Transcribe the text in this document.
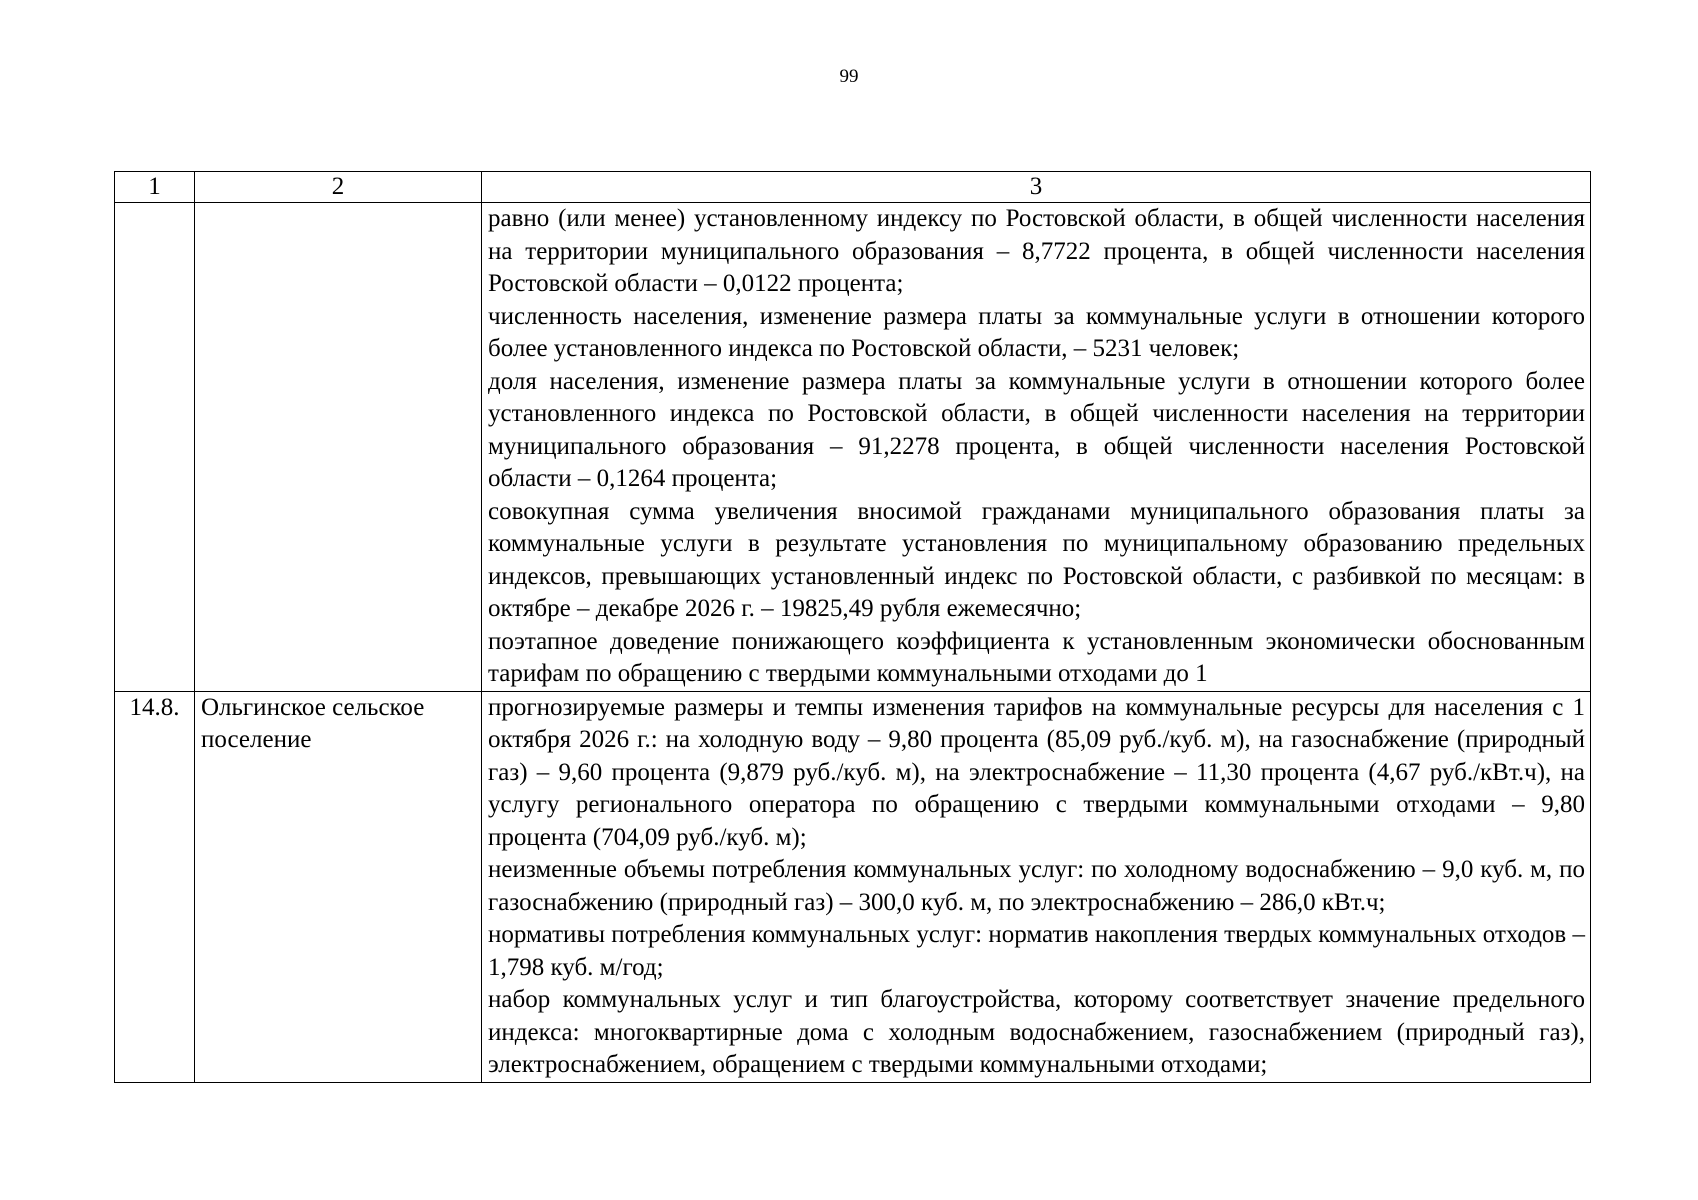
99
1	2	3

		равно (или менее) установленному индексу по Ростовской области, в общей численности населения на территории муниципального образования – 8,7722 процента, в общей численности населения Ростовской области – 0,0122 процента;

численность населения, изменение размера платы за коммунальные услуги в отношении которого более установленного индекса по Ростовской области, – 5231 человек;

доля населения, изменение размера платы за коммунальные услуги в отношении которого более установленного индекса по Ростовской области, в общей численности населения на территории муниципального образования – 91,2278 процента, в общей численности населения Ростовской области – 0,1264 процента;

совокупная сумма увеличения вносимой гражданами муниципального образования платы за коммунальные услуги в результате установления по муниципальному образованию предельных индексов, превышающих установленный индекс по Ростовской области, с разбивкой по месяцам: в октябре – декабре 2026 г. – 19825,49 рубля ежемесячно;

поэтапное доведение понижающего коэффициента к установленным экономически обоснованным тарифам по обращению с твердыми коммунальными отходами до 1

14.8.	Ольгинское сельское поселение	прогнозируемые размеры и темпы изменения тарифов на коммунальные ресурсы для населения с 1 октября 2026 г.: на холодную воду – 9,80 процента (85,09 руб./куб. м), на газоснабжение (природный газ) – 9,60 процента (9,879 руб./куб. м), на электроснабжение – 11,30 процента (4,67 руб./кВт.ч), на услугу регионального оператора по обращению с твердыми коммунальными отходами – 9,80 процента (704,09 руб./куб. м);

неизменные объемы потребления коммунальных услуг: по холодному водоснабжению – 9,0 куб. м, по газоснабжению (природный газ) – 300,0 куб. м, по электроснабжению – 286,0 кВт.ч;

нормативы потребления коммунальных услуг: норматив накопления твердых коммунальных отходов – 1,798 куб. м/год;

набор коммунальных услуг и тип благоустройства, которому соответствует значение предельного индекса: многоквартирные дома с холодным водоснабжением, газоснабжением (природный газ), электроснабжением, обращением с твердыми коммунальными отходами;
